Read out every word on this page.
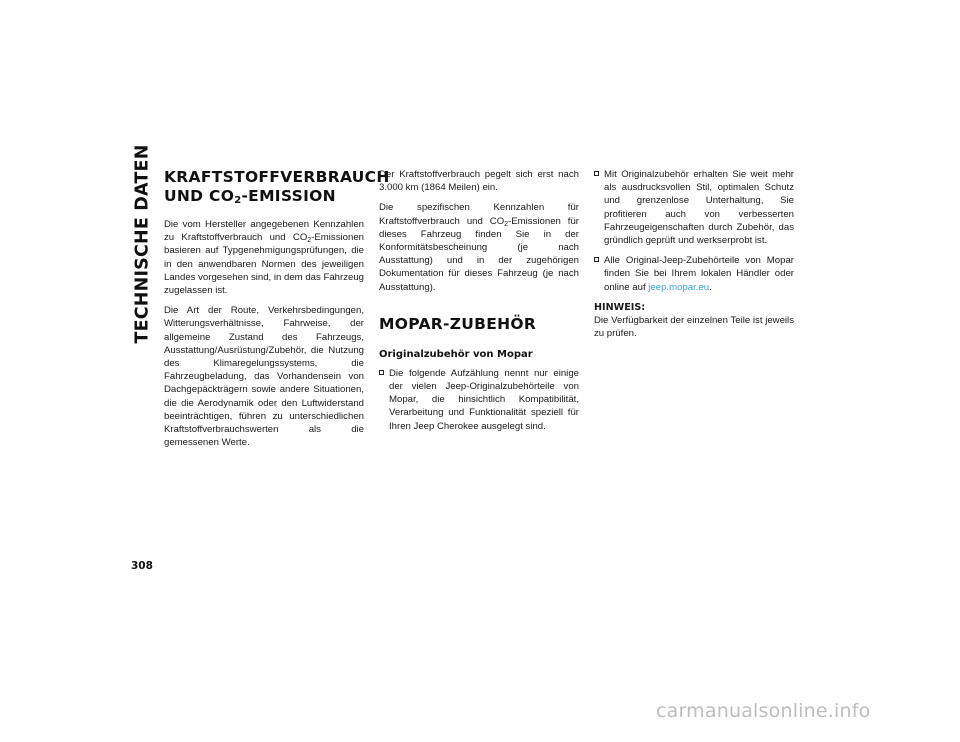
TECHNISCHE DATEN
308
KRAFTSTOFFVERBRAUCH
UND $CO_2$-EMISSION

Die vom Hersteller angegebenen Kennzahlen zu Kraftstoffverbrauch und $CO_2$-Emissionen basieren auf Typgenehmigungsprüfungen, die in den anwendbaren Normen des jeweiligen Landes vorgesehen sind, in dem das Fahrzeug zugelassen ist.

Die Art der Route, Verkehrsbedingungen, Witterungsverhältnisse, Fahrweise, der allgemeine Zustand des Fahrzeugs, Ausstattung/Ausrüstung/Zubehör, die Nutzung des Klimaregelungssystems, die Fahrzeugbeladung, das Vorhandensein von Dachgepäckträgern sowie andere Situationen, die die Aerodynamik oder den Luftwiderstand beeinträchtigen, führen zu unterschiedlichen Kraftstoffverbrauchswerten als die gemessenen Werte.

Der Kraftstoffverbrauch pegelt sich erst nach 3.000 km (1864 Meilen) ein.

Die spezifischen Kennzahlen für Kraftstoffverbrauch und $CO_2$-Emissionen für dieses Fahrzeug finden Sie in der Konformitätsbescheinung (je nach Ausstattung) und in der zugehörigen Dokumentation für dieses Fahrzeug (je nach Ausstattung).

MOPAR-ZUBEHÖR
Originalzubehör von Mopar
Die folgende Aufzählung nennt nur einige der vielen Jeep-Originalzubehörteile von Mopar, die hinsichtlich Kompatibilität, Verarbeitung und Funktionalität speziell für Ihren Jeep Cherokee ausgelegt sind.
Mit Originalzubehör erhalten Sie weit mehr als ausdrucksvollen Stil, optimalen Schutz und grenzenlose Unterhaltung, Sie profitieren auch von verbesserten Fahrzeugeigenschaften durch Zubehör, das gründlich geprüft und werkserprobt ist.
Alle Original-Jeep-Zubehörteile von Mopar finden Sie bei Ihrem lokalen Händler oder online auf jeep.mopar.eu.

HINWEIS:
Die Verfügbarkeit der einzelnen Teile ist jeweils zu prüfen.

carmanualsonline.info
